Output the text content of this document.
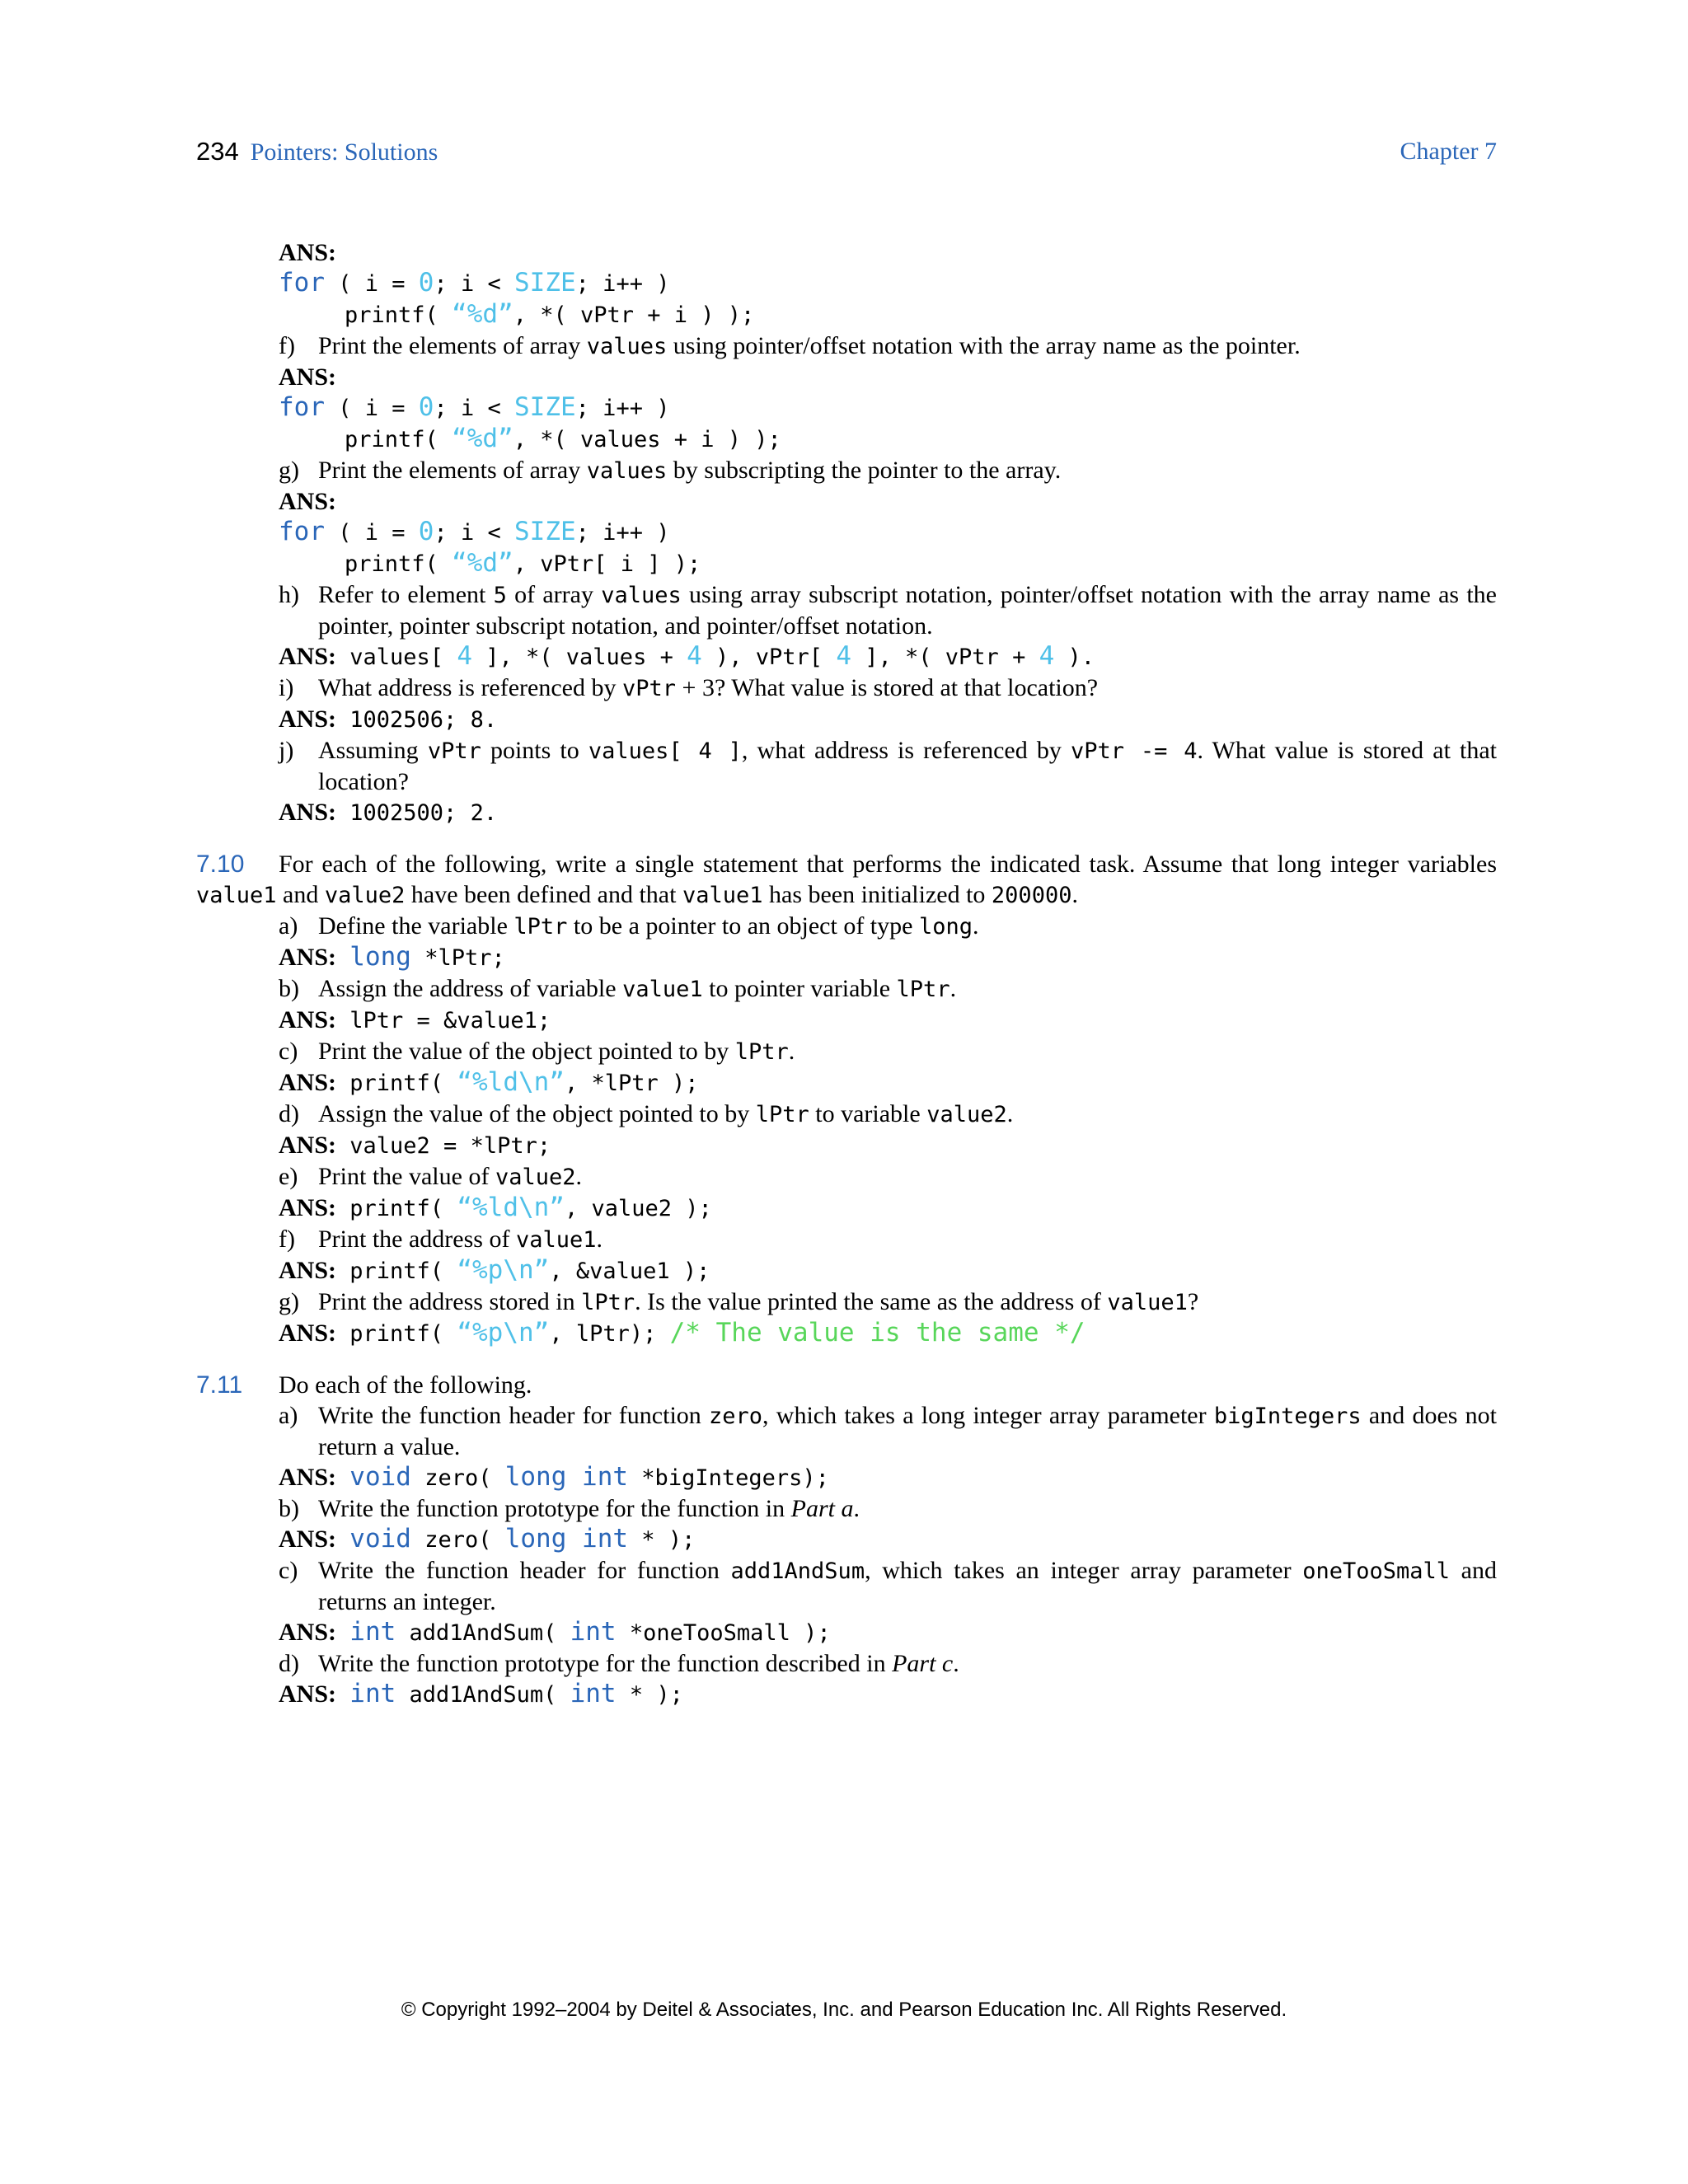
234 Pointers: Solutions	Chapter 7
ANS:
for ( i = 0; i < SIZE; i++ )
printf( “%d”, *( vPtr + i ) );
f) Print the elements of array values using pointer/offset notation with the array name as the pointer.
ANS:
for ( i = 0; i < SIZE; i++ )
printf( “%d”, *( values + i ) );
g) Print the elements of array values by subscripting the pointer to the array.
ANS:
for ( i = 0; i < SIZE; i++ )
printf( “%d”, vPtr[ i ] );
h) Refer to element 5 of array values using array subscript notation, pointer/offset notation with the array name as the pointer, pointer subscript notation, and pointer/offset notation.
ANS: values[ 4 ], *( values + 4 ), vPtr[ 4 ], *( vPtr + 4 ).
i) What address is referenced by vPtr + 3? What value is stored at that location?
ANS: 1002506; 8.
j) Assuming vPtr points to values[ 4 ], what address is referenced by vPtr -= 4. What value is stored at that location?
ANS: 1002500; 2.
7.10 For each of the following, write a single statement that performs the indicated task. Assume that long integer variables value1 and value2 have been defined and that value1 has been initialized to 200000.
a) Define the variable lPtr to be a pointer to an object of type long.
ANS: long *lPtr;
b) Assign the address of variable value1 to pointer variable lPtr.
ANS: lPtr = &value1;
c) Print the value of the object pointed to by lPtr.
ANS: printf( “%ld\n”, *lPtr );
d) Assign the value of the object pointed to by lPtr to variable value2.
ANS: value2 = *lPtr;
e) Print the value of value2.
ANS: printf( “%ld\n”, value2 );
f) Print the address of value1.
ANS: printf( “%p\n”, &value1 );
g) Print the address stored in lPtr. Is the value printed the same as the address of value1?
ANS: printf( “%p\n”, lPtr); /* The value is the same */
7.11 Do each of the following.
a) Write the function header for function zero, which takes a long integer array parameter bigIntegers and does not return a value.
ANS: void zero( long int *bigIntegers);
b) Write the function prototype for the function in Part a.
ANS: void zero( long int * );
c) Write the function header for function add1AndSum, which takes an integer array parameter oneTooSmall and returns an integer.
ANS: int add1AndSum( int *oneTooSmall );
d) Write the function prototype for the function described in Part c.
ANS: int add1AndSum( int * );
© Copyright 1992–2004 by Deitel & Associates, Inc. and Pearson Education Inc. All Rights Reserved.
